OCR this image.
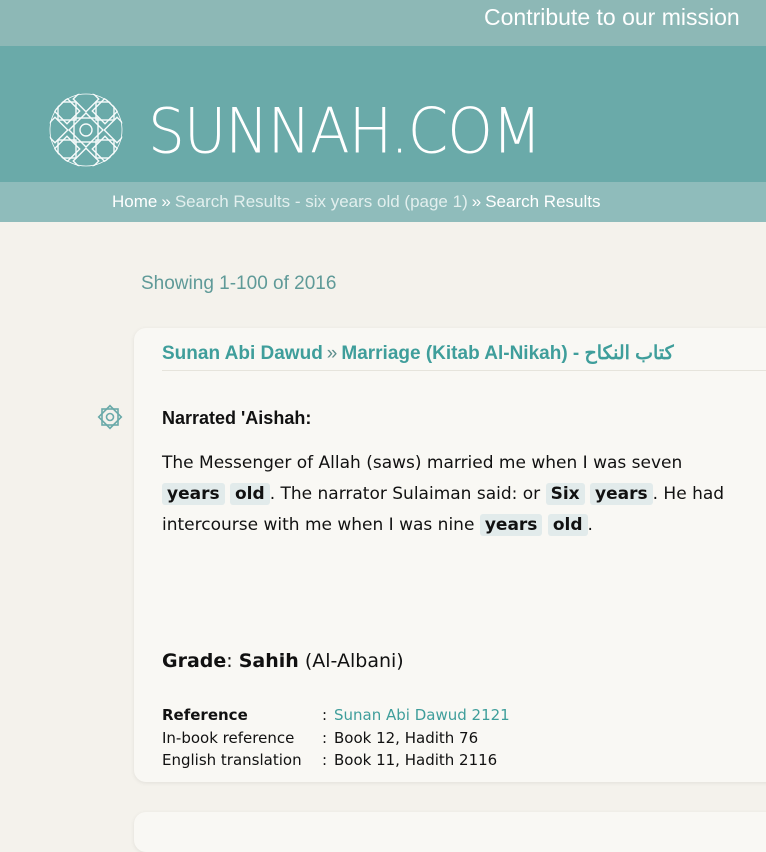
Contribute to our mission
SUNNAH.COM
Home » Search Results - six years old (page 1) » Search Results
Showing 1-100 of 2016
Sunan Abi Dawud » Marriage (Kitab Al-Nikah) - كتاب النكاح
Narrated 'Aishah:
The Messenger of Allah (saws) married me when I was seven years old . The narrator Sulaiman said: or Six years . He had intercourse with me when I was nine years old .
Grade: Sahih (Al-Albani)
Reference	:	Sunan Abi Dawud 2121
In-book reference	:	Book 12, Hadith 76
English translation	:	Book 11, Hadith 2116
